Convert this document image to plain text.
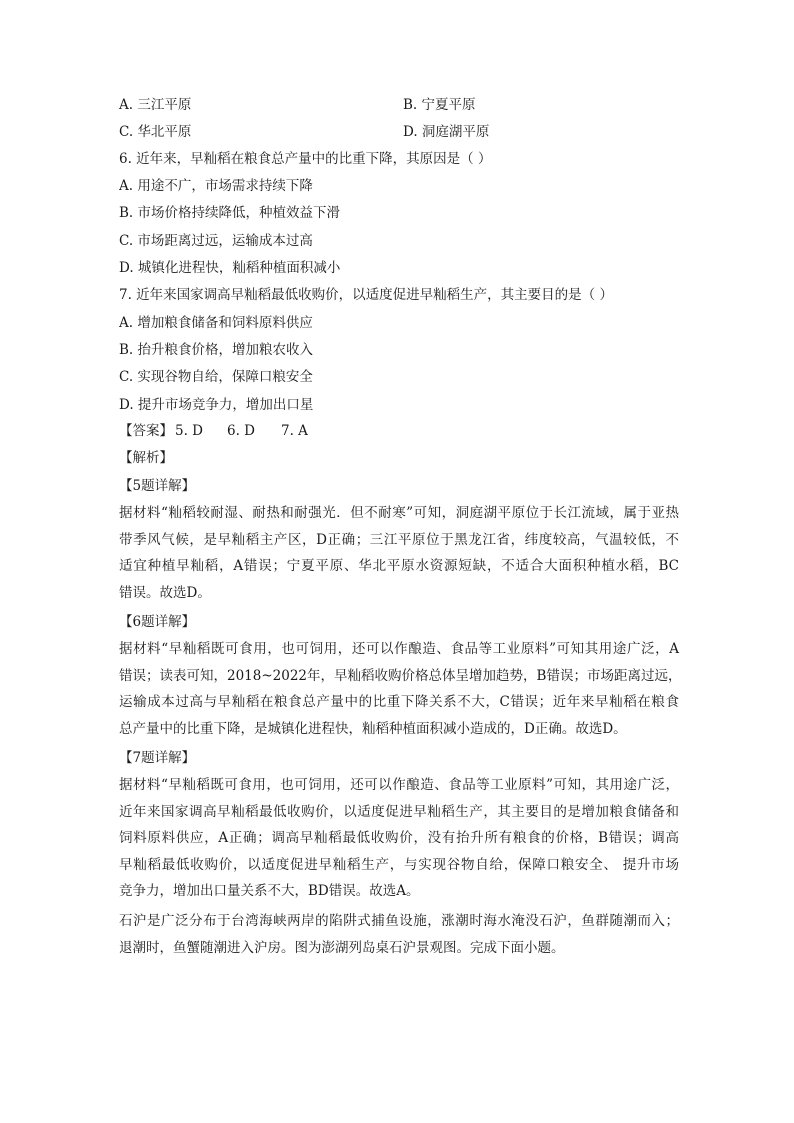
A. 三江平原	B. 宁夏平原
C. 华北平原	D. 洞庭湖平原
6. 近年来，早籼稻在粮食总产量中的比重下降，其原因是（ ）
A. 用途不广，市场需求持续下降
B. 市场价格持续降低，种植效益下滑
C. 市场距离过远，运输成本过高
D. 城镇化进程快，籼稻种植面积减小
7. 近年来国家调高早籼稻最低收购价，以适度促进早籼稻生产，其主要目的是（ ）
A. 增加粮食储备和饲料原料供应
B. 抬升粮食价格，增加粮农收入
C. 实现谷物自给，保障口粮安全
D. 提升市场竞争力，增加出口星
【答案】 5. D 6. D 7. A
【解析】
【5题详解】
据材料“籼稻较耐湿、耐热和耐强光．但不耐寒”可知，洞庭湖平原位于长江流域，属于亚热
带季风气候，是早籼稻主产区，D正确；三江平原位于黑龙江省，纬度较高，气温较低，不
适宜种植早籼稻，A错误；宁夏平原、华北平原水资源短缺，不适合大面积种植水稻，BC
错误。故选D。
【6题详解】
据材料“早籼稻既可食用，也可饲用，还可以作酿造、食品等工业原料”可知其用途广泛，A
错误；读表可知，2018~2022年，早籼稻收购价格总体呈增加趋势，B错误；市场距离过远，
运输成本过高与早籼稻在粮食总产量中的比重下降关系不大，C错误；近年来早籼稻在粮食
总产量中的比重下降，是城镇化进程快，籼稻种植面积减小造成的，D正确。故选D。
【7题详解】
据材料“早籼稻既可食用，也可饲用，还可以作酿造、食品等工业原料”可知，其用途广泛，
近年来国家调高早籼稻最低收购价，以适度促进早籼稻生产，其主要目的是增加粮食储备和
饲料原料供应，A正确；调高早籼稻最低收购价，没有抬升所有粮食的价格，B错误；调高
早籼稻最低收购价，以适度促进早籼稻生产，与实现谷物自给，保障口粮安全、 提升市场
竞争力，增加出口量关系不大，BD错误。故选A。
石沪是广泛分布于台湾海峡两岸的陷阱式捕鱼设施，涨潮时海水淹没石沪，鱼群随潮而入；
退潮时，鱼蟹随潮进入沪房。图为澎湖列岛桌石沪景观图。完成下面小题。
